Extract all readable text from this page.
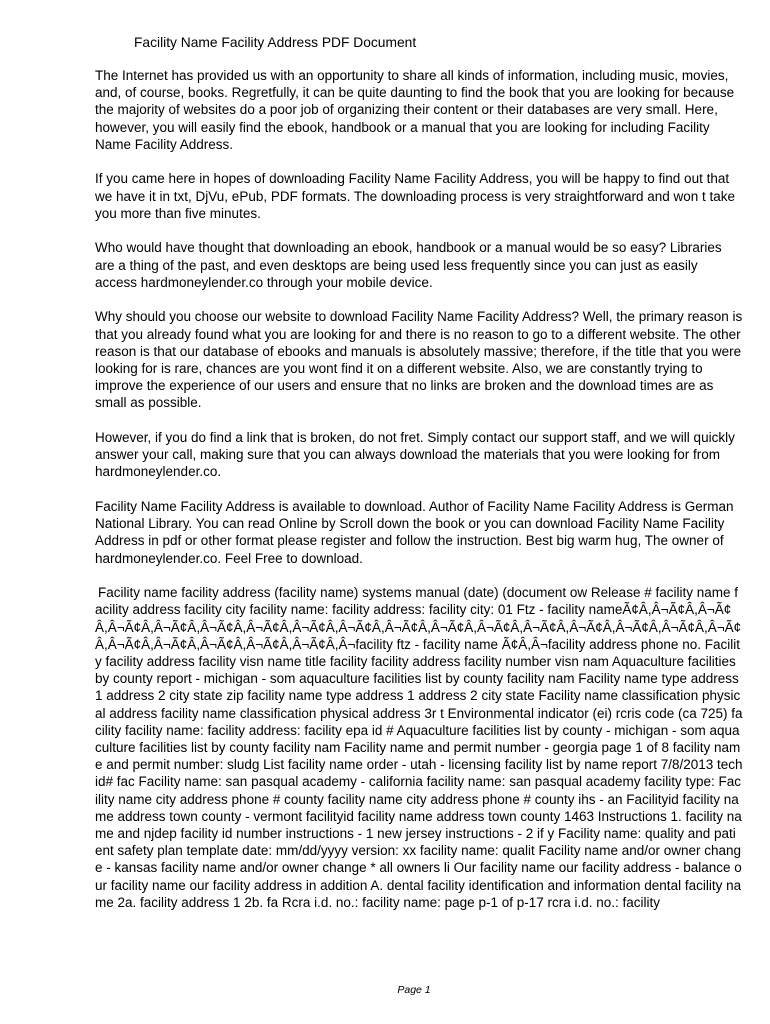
Facility Name Facility Address PDF Document

The Internet has provided us with an opportunity to share all kinds of information, including music, movies, and, of course, books. Regretfully, it can be quite daunting to find the book that you are looking for because the majority of websites do a poor job of organizing their content or their databases are very small. Here, however, you will easily find the ebook, handbook or a manual that you are looking for including Facility Name Facility Address.

If you came here in hopes of downloading Facility Name Facility Address, you will be happy to find out that we have it in txt, DjVu, ePub, PDF formats. The downloading process is very straightforward and won t take you more than five minutes.

Who would have thought that downloading an ebook, handbook or a manual would be so easy? Libraries are a thing of the past, and even desktops are being used less frequently since you can just as easily access hardmoneylender.co through your mobile device.

Why should you choose our website to download Facility Name Facility Address? Well, the primary reason is that you already found what you are looking for and there is no reason to go to a different website. The other reason is that our database of ebooks and manuals is absolutely massive; therefore, if the title that you were looking for is rare, chances are you wont find it on a different website. Also, we are constantly trying to improve the experience of our users and ensure that no links are broken and the download times are as small as possible.

However, if you do find a link that is broken, do not fret. Simply contact our support staff, and we will quickly answer your call, making sure that you can always download the materials that you were looking for from hardmoneylender.co.

Facility Name Facility Address is available to download. Author of Facility Name Facility Address is German National Library. You can read Online by Scroll down the book or you can download Facility Name Facility Address in pdf or other format please register and follow the instruction. Best big warm hug, The owner of hardmoneylender.co. Feel Free to download.

Facility name facility address (facility name) systems manual (date) (document ow Release # facility name facility address facility city facility name: facility address: facility city: 01 Ftz - facility nameÃ¢Â,Â¬Ã¢Â,Â¬Ã¢Â,Â¬Ã¢Â,Â¬Ã¢Â,Â¬Ã¢Â,Â¬Ã¢Â,Â¬Ã¢Â,Â¬Ã¢Â,Â¬Ã¢Â,Â¬Ã¢Â,Â¬Ã¢Â,Â¬Ã¢Â,Â¬Ã¢Â,Â¬Ã¢Â,Â¬Ã¢Â,Â¬Ã¢Â,Â¬Ã¢Â,Â¬Ã¢Â,Â¬Ã¢Â,Â¬Ã¢Â,Â¬Ã¢Â,Â¬facility ftz - facility name Ã¢Â,Â¬facility address phone no. Facility facility address facility visn name title facility facility address facility number visn nam Aquaculture facilities by county report - michigan - som aquaculture facilities list by county facility nam Facility name type address 1 address 2 city state zip facility name type address 1 address 2 city state Facility name classification physical address facility name classification physical address 3r t Environmental indicator (ei) rcris code (ca 725) facility facility name: facility address: facility epa id # Aquaculture facilities list by county - michigan - som aquaculture facilities list by county facility nam Facility name and permit number - georgia page 1 of 8 facility name and permit number: sludg List facility name order - utah - licensing facility list by name report 7/8/2013 tech id# fac Facility name: san pasqual academy - california facility name: san pasqual academy facility type: Facility name city address phone # county facility name city address phone # county ihs - an Facilityid facility name address town county - vermont facilityid facility name address town county 1463 Instructions 1. facility name and njdep facility id number instructions - 1 new jersey instructions - 2 if y Facility name: quality and patient safety plan template date: mm/dd/yyyy version: xx facility name: qualit Facility name and/or owner change - kansas facility name and/or owner change * all owners li Our facility name our facility address - balance our facility name our facility address in addition A. dental facility identification and information dental facility name 2a. facility address 1 2b. fa Rcra i.d. no.: facility name: page p-1 of p-17 rcra i.d. no.: facility

Page 1
